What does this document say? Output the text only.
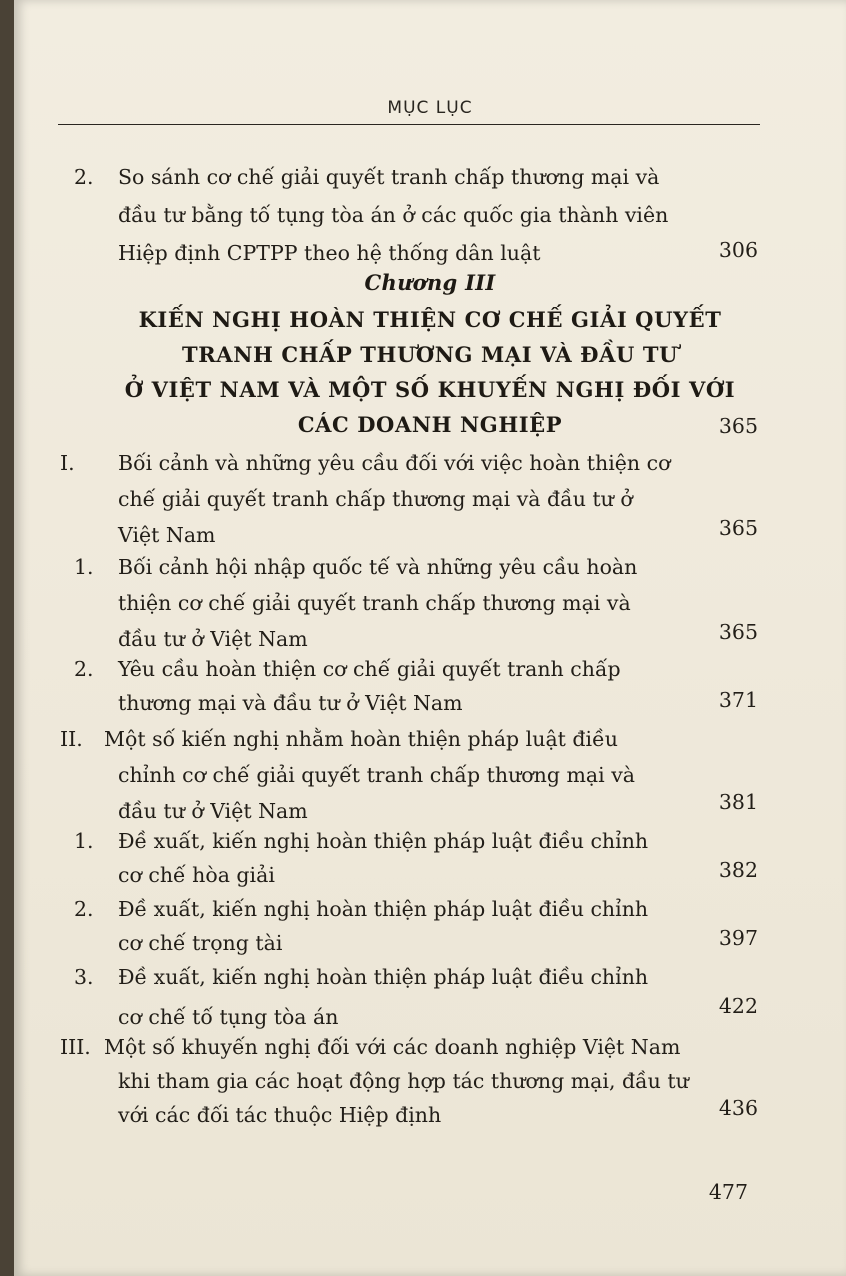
MỤC LỤC
2. So sánh cơ chế giải quyết tranh chấp thương mại và
đầu tư bằng tố tụng tòa án ở các quốc gia thành viên
Hiệp định CPTPP theo hệ thống dân luật	306
Chương III
KIẾN NGHỊ HOÀN THIỆN CƠ CHẾ GIẢI QUYẾT
TRANH CHẤP THƯƠNG MẠI VÀ ĐẦU TƯ
Ở VIỆT NAM VÀ MỘT SỐ KHUYẾN NGHỊ ĐỐI VỚI
CÁC DOANH NGHIỆP	365
I. Bối cảnh và những yêu cầu đối với việc hoàn thiện cơ
chế giải quyết tranh chấp thương mại và đầu tư ở
Việt Nam	365
1. Bối cảnh hội nhập quốc tế và những yêu cầu hoàn
thiện cơ chế giải quyết tranh chấp thương mại và
đầu tư ở Việt Nam	365
2. Yêu cầu hoàn thiện cơ chế giải quyết tranh chấp
thương mại và đầu tư ở Việt Nam	371
II. Một số kiến nghị nhằm hoàn thiện pháp luật điều
chỉnh cơ chế giải quyết tranh chấp thương mại và
đầu tư ở Việt Nam	381
1. Đề xuất, kiến nghị hoàn thiện pháp luật điều chỉnh
cơ chế hòa giải	382
2. Đề xuất, kiến nghị hoàn thiện pháp luật điều chỉnh
cơ chế trọng tài	397
3. Đề xuất, kiến nghị hoàn thiện pháp luật điều chỉnh
cơ chế tố tụng tòa án	422
III. Một số khuyến nghị đối với các doanh nghiệp Việt Nam
khi tham gia các hoạt động hợp tác thương mại, đầu tư
với các đối tác thuộc Hiệp định	436
477
